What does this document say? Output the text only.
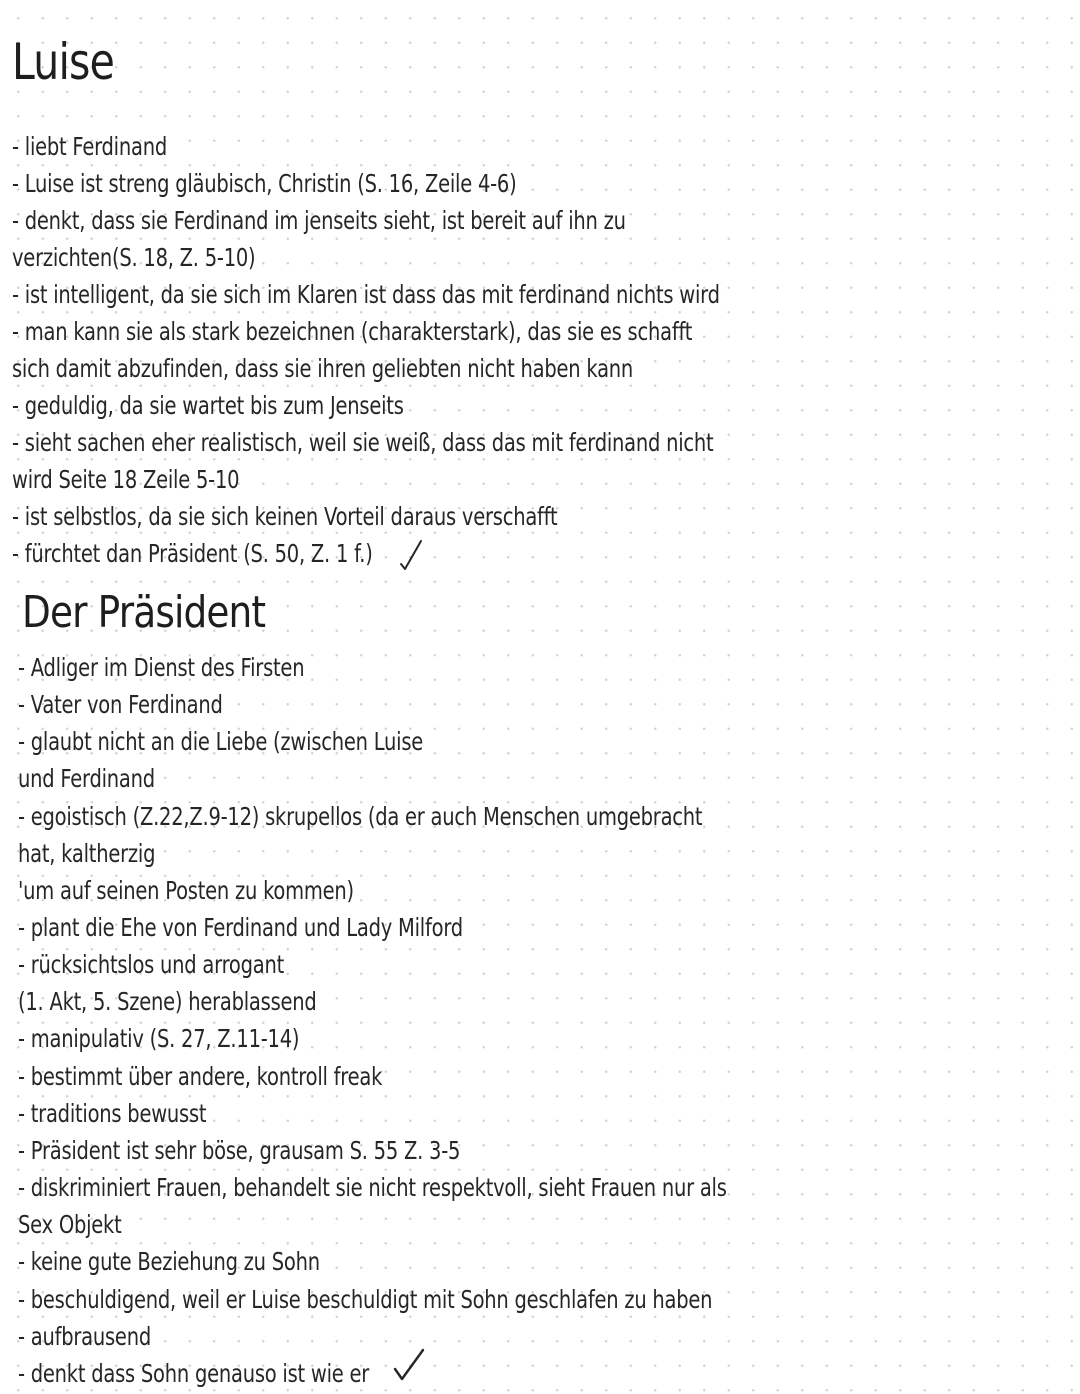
Luise
- liebt Ferdinand
- Luise ist streng gläubisch, Christin (S. 16, Zeile 4-6)
- denkt, dass sie Ferdinand im jenseits sieht, ist bereit auf ihn zu
verzichten(S. 18, Z. 5-10)
- ist intelligent, da sie sich im Klaren ist dass das mit ferdinand nichts wird
- man kann sie als stark bezeichnen (charakterstark), das sie es schafft
sich damit abzufinden, dass sie ihren geliebten nicht haben kann
- geduldig, da sie wartet bis zum Jenseits
- sieht sachen eher realistisch, weil sie weiß, dass das mit ferdinand nicht
wird Seite 18 Zeile 5-10
- ist selbstlos, da sie sich keinen Vorteil daraus verschafft
- fürchtet dan Präsident (S. 50, Z. 1 f.)
Der Präsident
- Adliger im Dienst des Firsten
- Vater von Ferdinand
- glaubt nicht an die Liebe (zwischen Luise
und Ferdinand
- egoistisch (Z.22,Z.9-12) skrupellos (da er auch Menschen umgebracht
hat, kaltherzig
'um auf seinen Posten zu kommen)
- plant die Ehe von Ferdinand und Lady Milford
- rücksichtslos und arrogant
(1. Akt, 5. Szene) herablassend
- manipulativ (S. 27, Z.11-14)
- bestimmt über andere, kontroll freak
- traditions bewusst
- Präsident ist sehr böse, grausam S. 55 Z. 3-5
- diskriminiert Frauen, behandelt sie nicht respektvoll, sieht Frauen nur als
Sex Objekt
- keine gute Beziehung zu Sohn
- beschuldigend, weil er Luise beschuldigt mit Sohn geschlafen zu haben
- aufbrausend
- denkt dass Sohn genauso ist wie er
